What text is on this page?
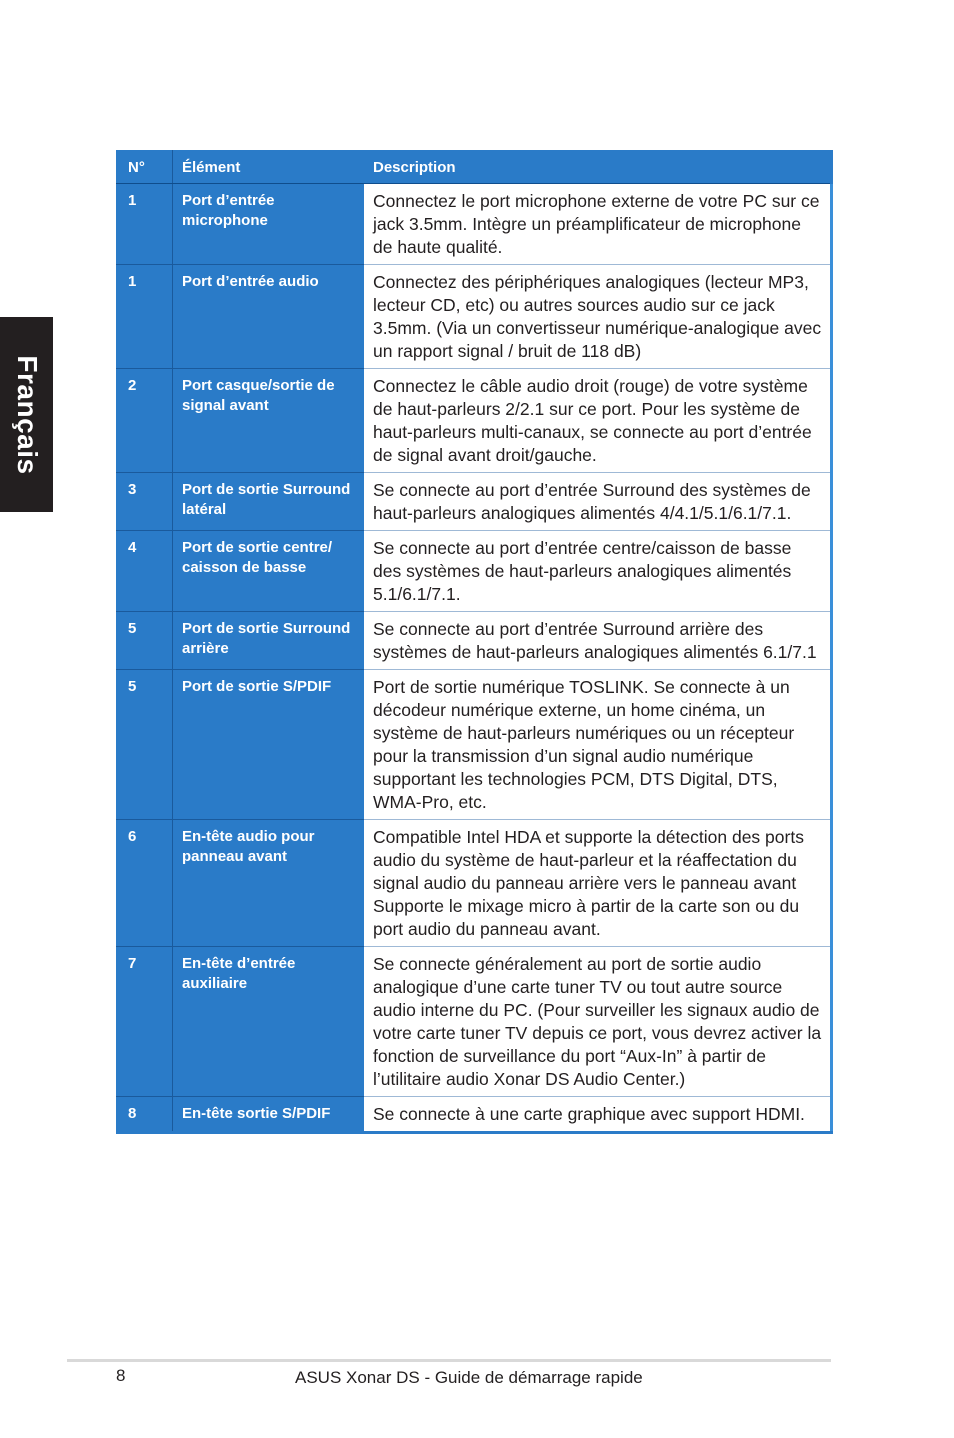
Français
N°	Élément	Description
1	Port d’entrée microphone	Connectez le port microphone externe de votre PC sur ce jack 3.5mm. Intègre un préamplificateur de microphone de haute qualité.
1	Port d’entrée audio	Connectez des périphériques analogiques (lecteur MP3, lecteur CD, etc) ou autres sources audio sur ce jack 3.5mm. (Via un convertisseur numérique-analogique avec un rapport signal / bruit de 118 dB)
2	Port casque/sortie de signal avant	Connectez le câble audio droit (rouge) de votre système de haut-parleurs 2/2.1 sur ce port. Pour les système de haut-parleurs multi-canaux, se connecte au port d’entrée de signal avant droit/gauche.
3	Port de sortie Surround latéral	Se connecte au port d’entrée Surround des systèmes de haut-parleurs analogiques alimentés 4/4.1/5.1/6.1/7.1.
4	Port de sortie centre/ caisson de basse	Se connecte au port d’entrée centre/caisson de basse des systèmes de haut-parleurs analogiques alimentés 5.1/6.1/7.1.
5	Port de sortie Surround arrière	Se connecte au port d’entrée Surround arrière des systèmes de haut-parleurs analogiques alimentés 6.1/7.1
5	Port de sortie S/PDIF	Port de sortie numérique TOSLINK. Se connecte à un décodeur numérique externe, un home cinéma, un système de haut-parleurs numériques ou un récepteur pour la transmission d’un signal audio numérique supportant les technologies PCM, DTS Digital, DTS, WMA-Pro, etc.
6	En-tête audio pour panneau avant	Compatible Intel HDA et supporte la détection des ports audio du système de haut-parleur et la réaffectation du signal audio du panneau arrière vers le panneau avant
Supporte le mixage micro à partir de la carte son ou du port audio du panneau avant.

7	En-tête d’entrée auxiliaire	Se connecte généralement au port de sortie audio analogique d’une carte tuner TV ou tout autre source audio interne du PC. (Pour surveiller les signaux audio de votre carte tuner TV depuis ce port, vous devrez activer la fonction de surveillance du port “Aux-In” à partir de l’utilitaire audio Xonar DS Audio Center.)
8	En-tête sortie S/PDIF	Se connecte à une carte graphique avec support HDMI.
8	ASUS Xonar DS - Guide de démarrage rapide
